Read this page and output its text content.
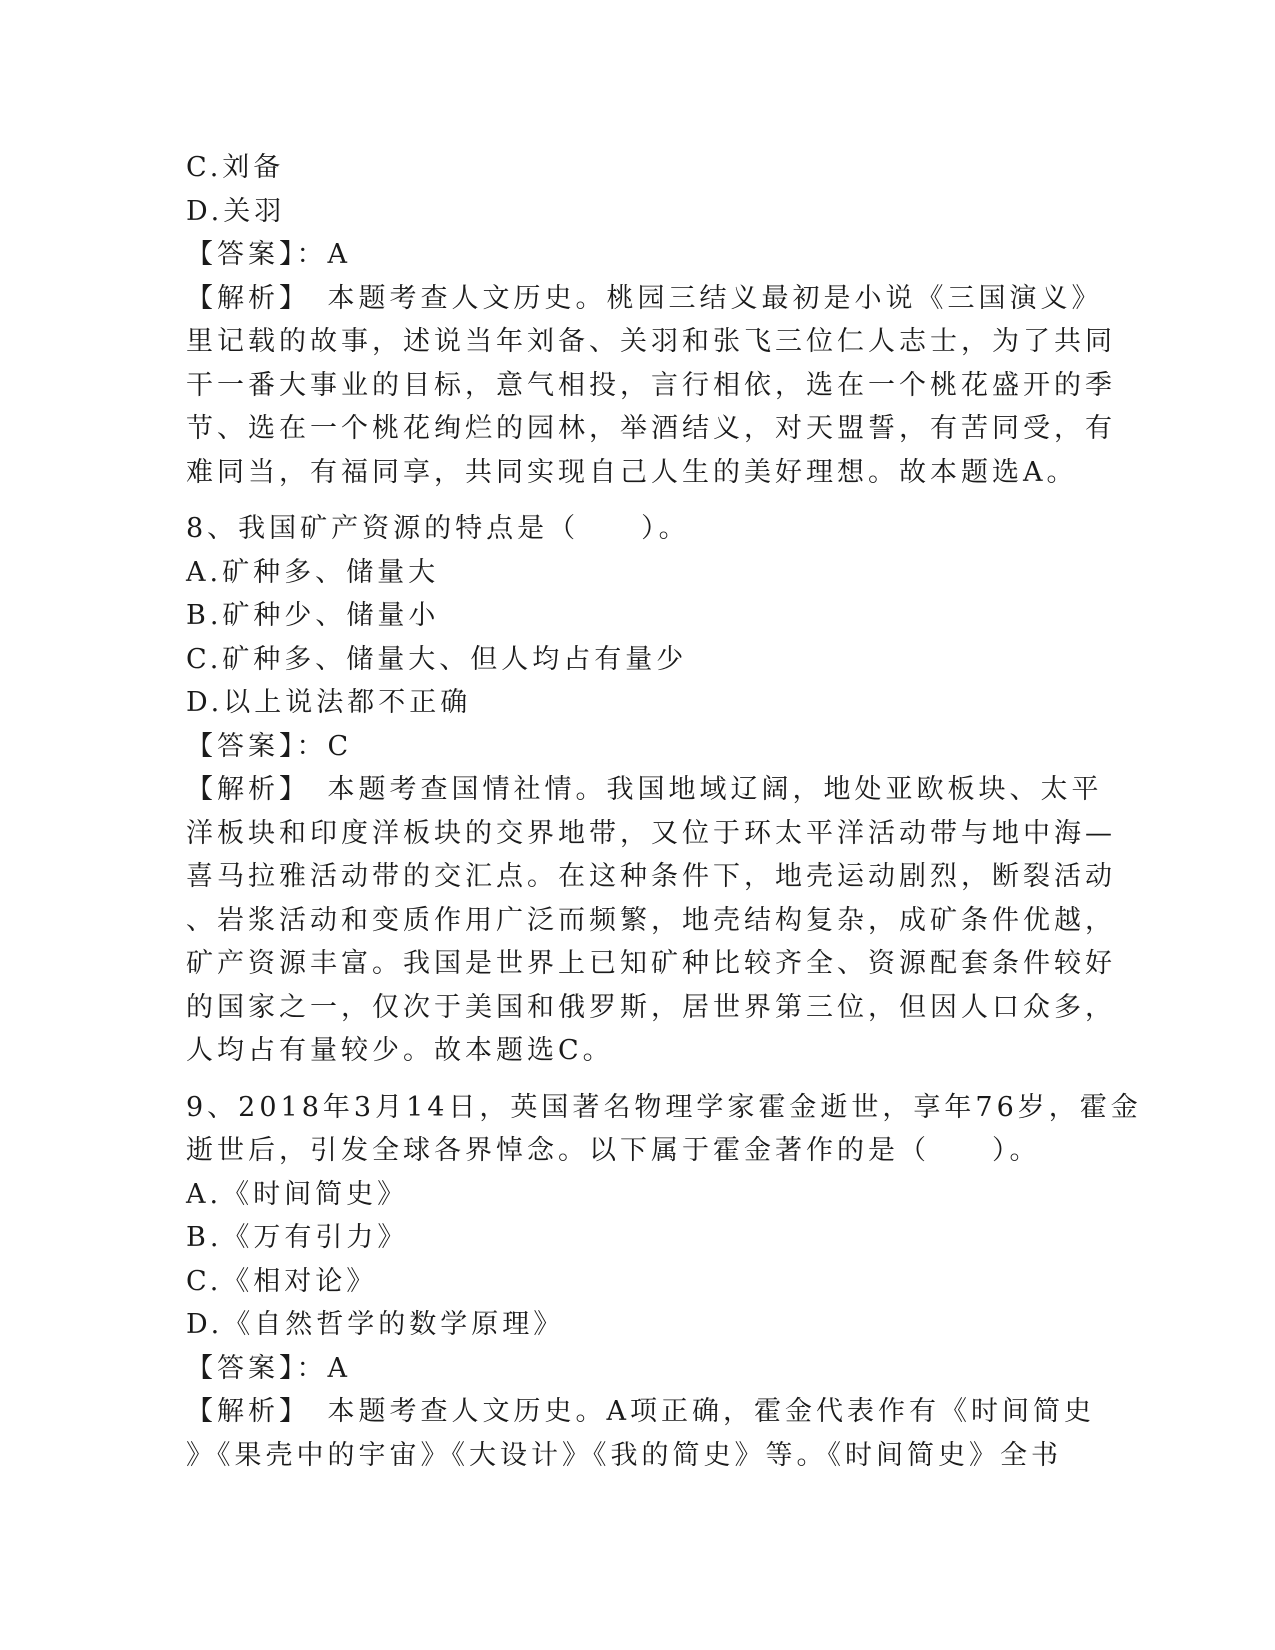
C.刘备
D.关羽
【答案】：A
【解析】　本题考查人文历史。桃园三结义最初是小说《三国演义》
里记载的故事，述说当年刘备、关羽和张飞三位仁人志士，为了共同
干一番大事业的目标，意气相投，言行相依，选在一个桃花盛开的季
节、选在一个桃花绚烂的园林，举酒结义，对天盟誓，有苦同受，有
难同当，有福同享，共同实现自己人生的美好理想。故本题选A。
8、我国矿产资源的特点是（　　）。
A.矿种多、储量大
B.矿种少、储量小
C.矿种多、储量大、但人均占有量少
D.以上说法都不正确
【答案】：C
【解析】　本题考查国情社情。我国地域辽阔，地处亚欧板块、太平
洋板块和印度洋板块的交界地带，又位于环太平洋活动带与地中海—
喜马拉雅活动带的交汇点。在这种条件下，地壳运动剧烈，断裂活动
、岩浆活动和变质作用广泛而频繁，地壳结构复杂，成矿条件优越，
矿产资源丰富。我国是世界上已知矿种比较齐全、资源配套条件较好
的国家之一，仅次于美国和俄罗斯，居世界第三位，但因人口众多，
人均占有量较少。故本题选C。
9、2018年3月14日，英国著名物理学家霍金逝世，享年76岁，霍金
逝世后，引发全球各界悼念。以下属于霍金著作的是（　　）。
A.《时间简史》
B.《万有引力》
C.《相对论》
D.《自然哲学的数学原理》
【答案】：A
【解析】　本题考查人文历史。A项正确，霍金代表作有《时间简史
》《果壳中的宇宙》《大设计》《我的简史》等。《时间简史》全书
